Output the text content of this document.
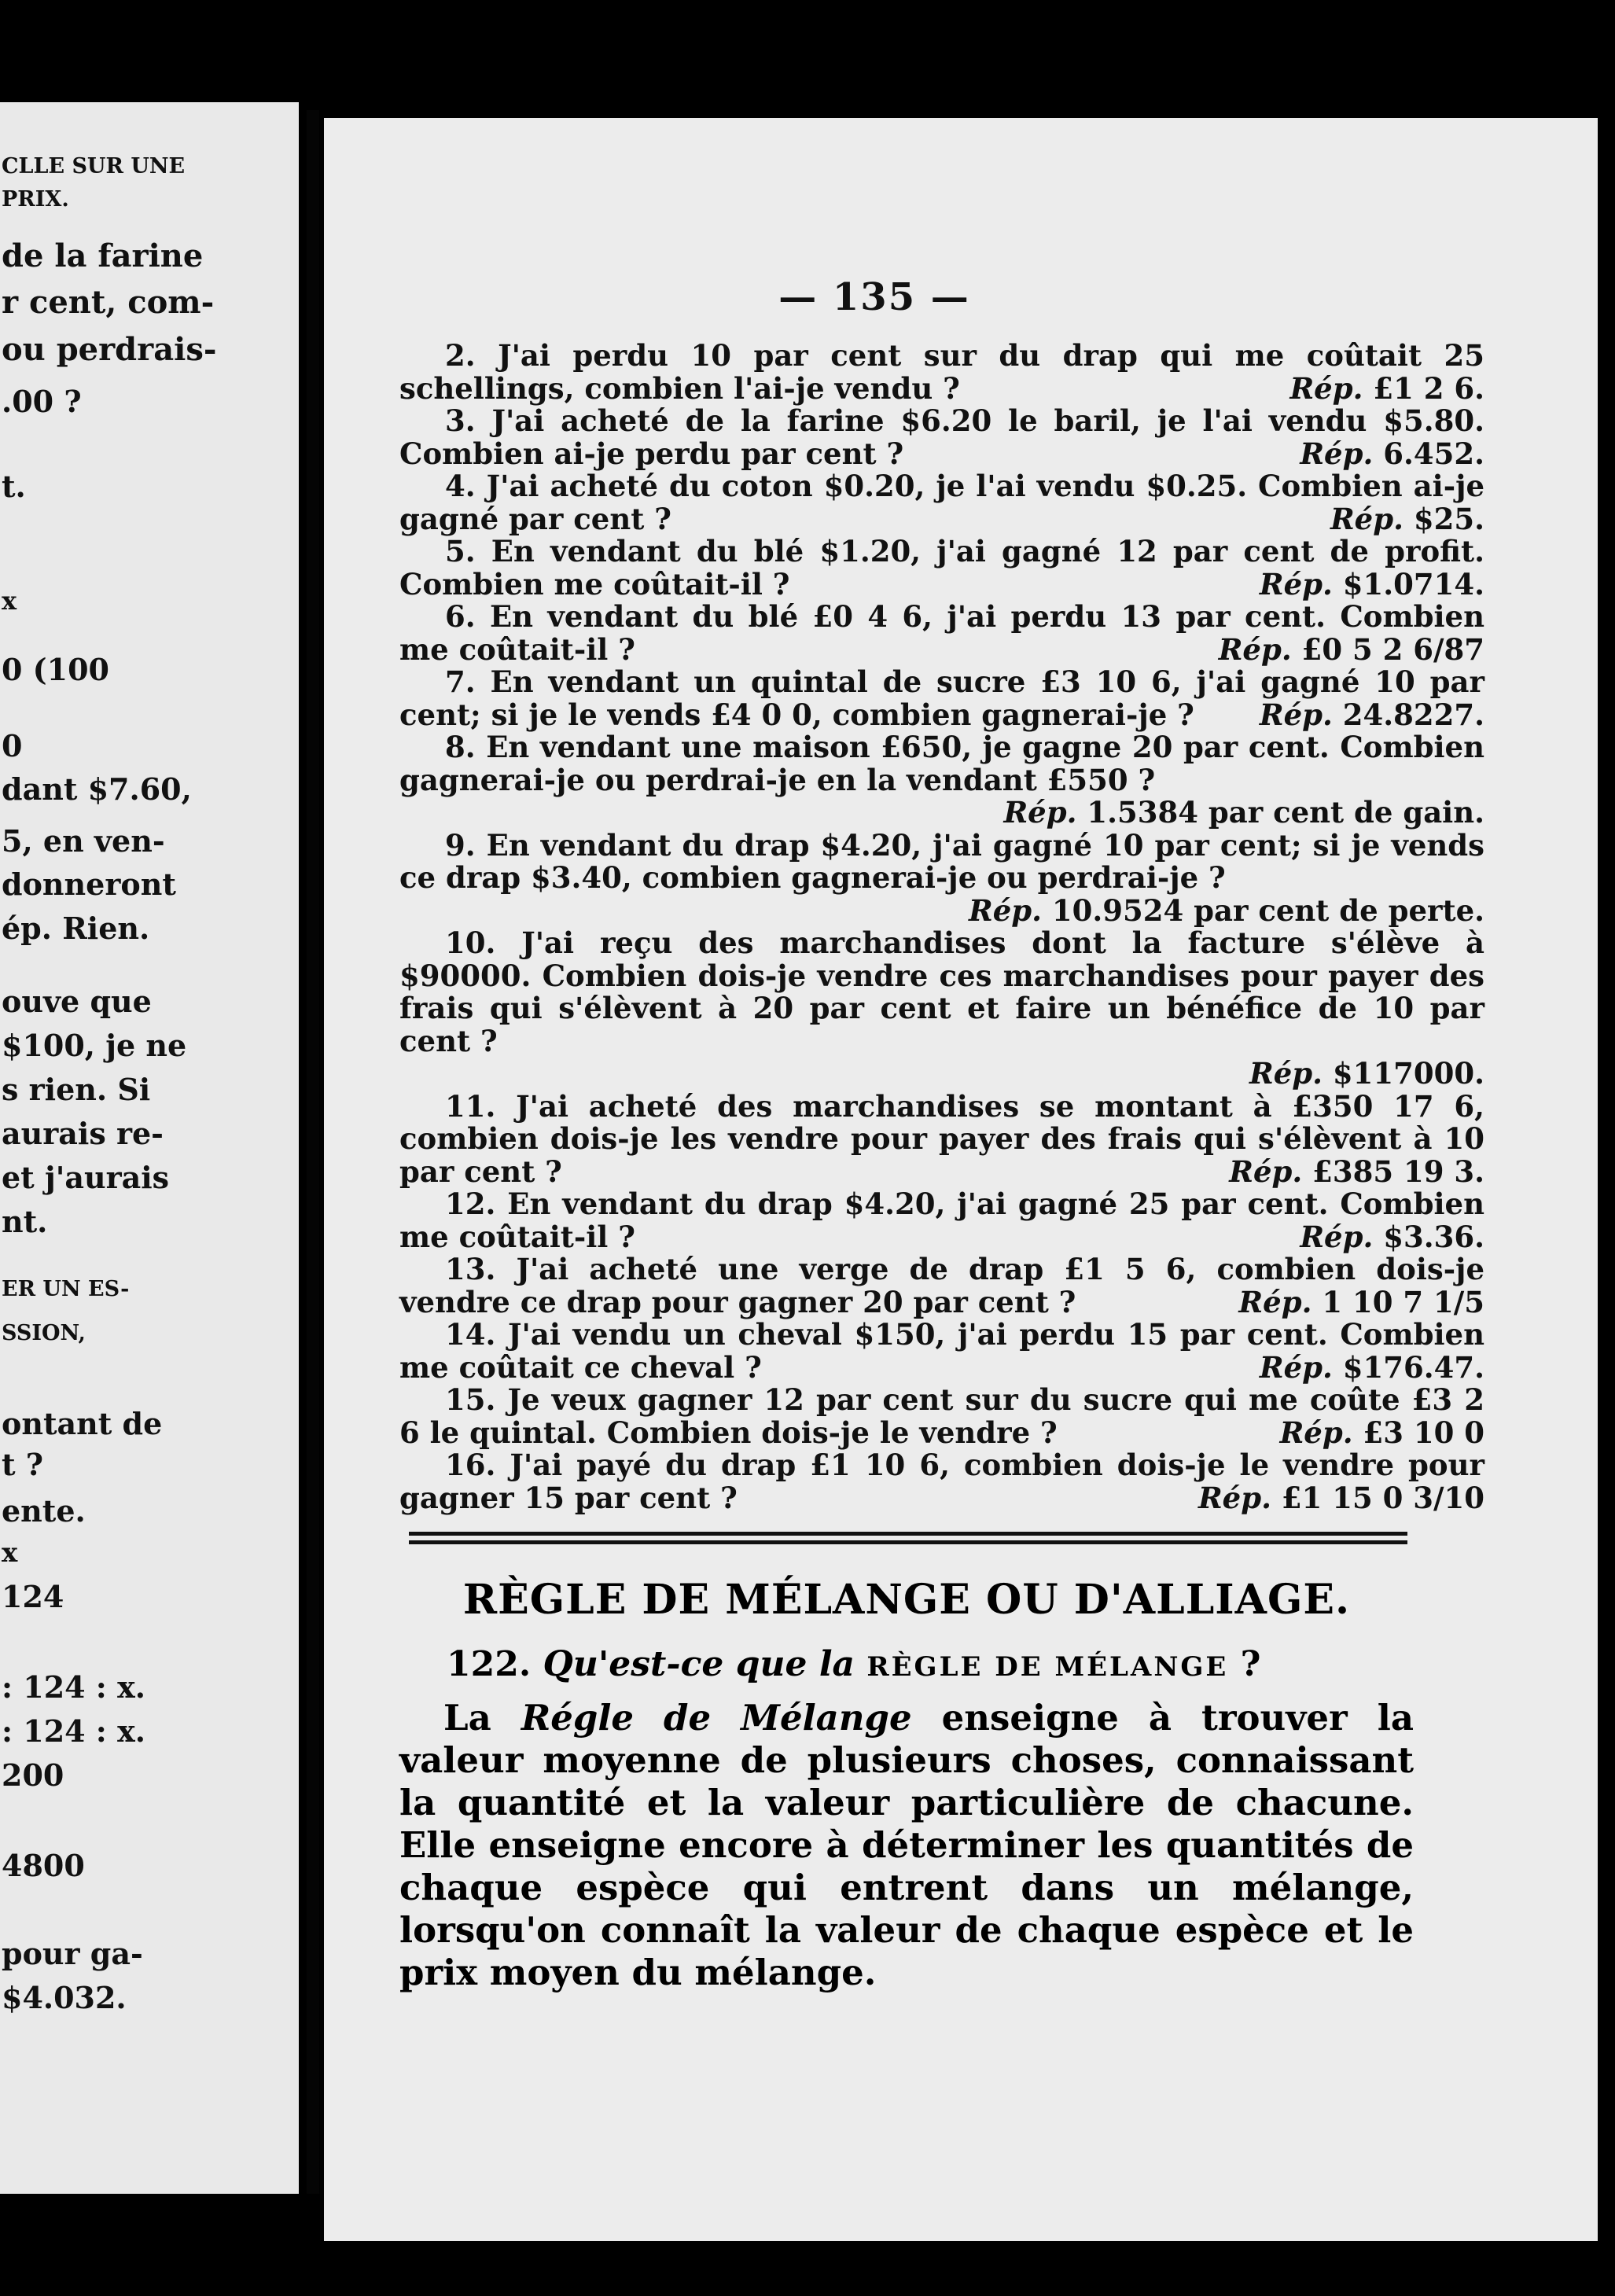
CLLE SUR UNE
PRIX.
de la farine
r cent, com-
ou perdrais-
.00 ?
t.
x
0 (100
0
dant $7.60,
5, en ven-
donneront
ép. Rien.
ouve que
$100, je ne
s rien. Si
aurais re-
et j'aurais
nt.
ER UN ES-
SSION,
ontant de
t ?
ente.
x
124
: 124 : x.
: 124 : x.
200
4800
pour ga-
$4.032.
— 135 —
2. J'ai perdu 10 par cent sur du drap qui me coûtait 25 schellings, combien l'ai-je vendu ?	Rép. £1 2 6.
3. J'ai acheté de la farine $6.20 le baril, je l'ai vendu $5.80. Combien ai-je perdu par cent ?	Rép. 6.452.
4. J'ai acheté du coton $0.20, je l'ai vendu $0.25. Combien ai-je gagné par cent ?	Rép. $25.
5. En vendant du blé $1.20, j'ai gagné 12 par cent de profit. Combien me coûtait-il ?	Rép. $1.0714.
6. En vendant du blé £0 4 6, j'ai perdu 13 par cent. Combien me coûtait-il ?	Rép. £0 5 2 6/87
7. En vendant un quintal de sucre £3 10 6, j'ai gagné 10 par cent; si je le vends £4 0 0, combien gagnerai-je ?	Rép. 24.8227.
8. En vendant une maison £650, je gagne 20 par cent. Combien gagnerai-je ou perdrai-je en la vendant £550 ?
Rép. 1.5384 par cent de gain.
9. En vendant du drap $4.20, j'ai gagné 10 par cent; si je vends ce drap $3.40, combien gagnerai-je ou perdrai-je ?
Rép. 10.9524 par cent de perte.
10. J'ai reçu des marchandises dont la facture s'élève à $90000. Combien dois-je vendre ces marchandises pour payer des frais qui s'élèvent à 20 par cent et faire un bénéfice de 10 par cent ?
Rép. $117000.
11. J'ai acheté des marchandises se montant à £350 17 6, combien dois-je les vendre pour payer des frais qui s'élèvent à 10 par cent ?	Rép. £385 19 3.
12. En vendant du drap $4.20, j'ai gagné 25 par cent. Combien me coûtait-il ?	Rép. $3.36.
13. J'ai acheté une verge de drap £1 5 6, combien dois-je vendre ce drap pour gagner 20 par cent ?	Rép. 1 10 7 1/5
14. J'ai vendu un cheval $150, j'ai perdu 15 par cent. Combien me coûtait ce cheval ?	Rép. $176.47.
15. Je veux gagner 12 par cent sur du sucre qui me coûte £3 2 6 le quintal. Combien dois-je le vendre ?	Rép. £3 10 0
16. J'ai payé du drap £1 10 6, combien dois-je le vendre pour gagner 15 par cent ?	Rép. £1 15 0 3/10
RÈGLE DE MÉLANGE OU D'ALLIAGE.
122. Qu'est-ce que la RÈGLE DE MÉLANGE ?

La Régle de Mélange enseigne à trouver la valeur moyenne de plusieurs choses, connaissant la quantité et la valeur particulière de chacune. Elle enseigne encore à déterminer les quantités de chaque espèce qui entrent dans un mélange, lorsqu'on connaît la valeur de chaque espèce et le prix moyen du mélange.
